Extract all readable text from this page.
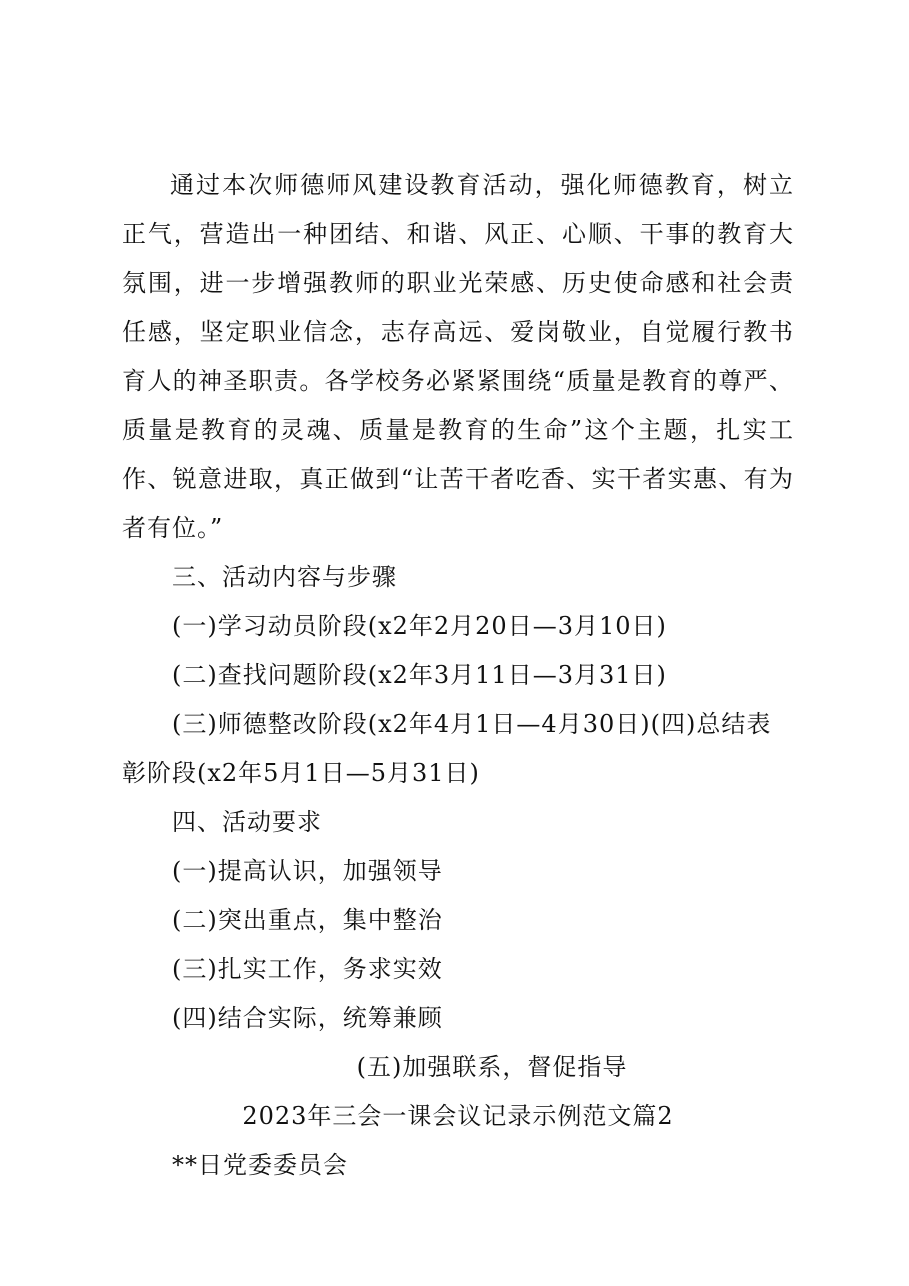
通过本次师德师风建设教育活动，强化师德教育，树立正气，营造出一种团结、和谐、风正、心顺、干事的教育大氛围，进一步增强教师的职业光荣感、历史使命感和社会责任感，坚定职业信念，志存高远、爱岗敬业，自觉履行教书育人的神圣职责。各学校务必紧紧围绕“质量是教育的尊严、质量是教育的灵魂、质量是教育的生命”这个主题，扎实工作、锐意进取，真正做到“让苦干者吃香、实干者实惠、有为者有位。”

三、活动内容与步骤

(一)学习动员阶段(x2年2月20日—3月10日)

(二)查找问题阶段(x2年3月11日—3月31日)

(三)师德整改阶段(x2年4月1日—4月30日)(四)总结表彰阶段(x2年5月1日—5月31日)

四、活动要求

(一)提高认识，加强领导

(二)突出重点，集中整治

(三)扎实工作，务求实效

(四)结合实际，统筹兼顾

(五)加强联系，督促指导

2023年三会一课会议记录示例范文篇2

**日党委委员会
